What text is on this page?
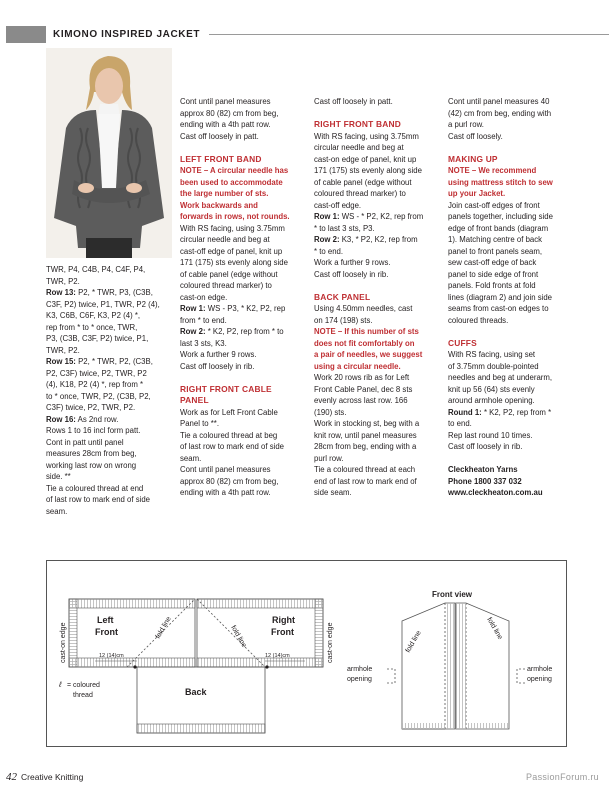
KIMONO INSPIRED JACKET

TWR, P4, C4B, P4, C4F, P4,

TWR, P2.

Row 13: P2, * TWR, P3, (C3B,

C3F, P2) twice, P1, TWR, P2 (4),

K3, C6B, C6F, K3, P2 (4) *,

rep from * to * once, TWR,

P3, (C3B, C3F, P2) twice, P1,

TWR, P2.

Row 15: P2, * TWR, P2, (C3B,

P2, C3F) twice, P2, TWR, P2

(4), K18, P2 (4) *, rep from *

to * once, TWR, P2, (C3B, P2,

C3F) twice, P2, TWR, P2.

Row 16: As 2nd row.

Rows 1 to 16 incl form patt.

Cont in patt until panel

measures 28cm from beg,

working last row on wrong

side. **

Tie a coloured thread at end

of last row to mark end of side

seam.

Cont until panel measures

approx 80 (82) cm from beg,

ending with a 4th patt row.

Cast off loosely in patt.

LEFT FRONT BAND

NOTE – A circular needle has

been used to accommodate

the large number of sts.

Work backwards and

forwards in rows, not rounds.

With RS facing, using 3.75mm

circular needle and beg at

cast-off edge of panel, knit up

171 (175) sts evenly along side

of cable panel (edge without

coloured thread marker) to

cast-on edge.

Row 1: WS - P3, * K2, P2, rep

from * to end.

Row 2: * K2, P2, rep from * to

last 3 sts, K3.

Work a further 9 rows.

Cast off loosely in rib.

RIGHT FRONT CABLE

PANEL

Work as for Left Front Cable

Panel to **.

Tie a coloured thread at beg

of last row to mark end of side

seam.

Cont until panel measures

approx 80 (82) cm from beg,

ending with a 4th patt row.

Cast off loosely in patt.

RIGHT FRONT BAND

With RS facing, using 3.75mm

circular needle and beg at

cast-on edge of panel, knit up

171 (175) sts evenly along side

of cable panel (edge without

coloured thread marker) to

cast-off edge.

Row 1: WS - * P2, K2, rep from

* to last 3 sts, P3.

Row 2: K3, * P2, K2, rep from

* to end.

Work a further 9 rows.

Cast off loosely in rib.

BACK PANEL

Using 4.50mm needles, cast

on 174 (198) sts.

NOTE – If this number of sts

does not fit comfortably on

a pair of needles, we suggest

using a circular needle.

Work 20 rows rib as for Left

Front Cable Panel, dec 8 sts

evenly across last row. 166

(190) sts.

Work in stocking st, beg with a

knit row, until panel measures

28cm from beg, ending with a

purl row.

Tie a coloured thread at each

end of last row to mark end of

side seam.

Cont until panel measures 40

(42) cm from beg, ending with

a purl row.

Cast off loosely.

MAKING UP

NOTE – We recommend

using mattress stitch to sew

up your Jacket.

Join cast-off edges of front

panels together, including side

edge of front bands (diagram

1). Matching centre of back

panel to front panels seam,

sew cast-off edge of back

panel to side edge of front

panels. Fold fronts at fold

lines (diagram 2) and join side

seams from cast-on edges to

coloured threads.

CUFFS

With RS facing, using set

of 3.75mm double-pointed

needles and beg at underarm,

knit up 56 (64) sts evenly

around armhole opening.

Round 1: * K2, P2, rep from *

to end.

Rep last round 10 times.

Cast off loosely in rib.

Cleckheaton Yarns

Phone 1800 337 032

www.cleckheaton.com.au

Left
Front	fold line
cast-on edge
Right
Front
fold line	cast-on edge
Back
12 (14)cm	12 (14)cm
ℓ = coloured
thread
Front view
fold line
fold line
armhole
opening
armhole
opening
42 Creative Knitting	PassionForum.ru
